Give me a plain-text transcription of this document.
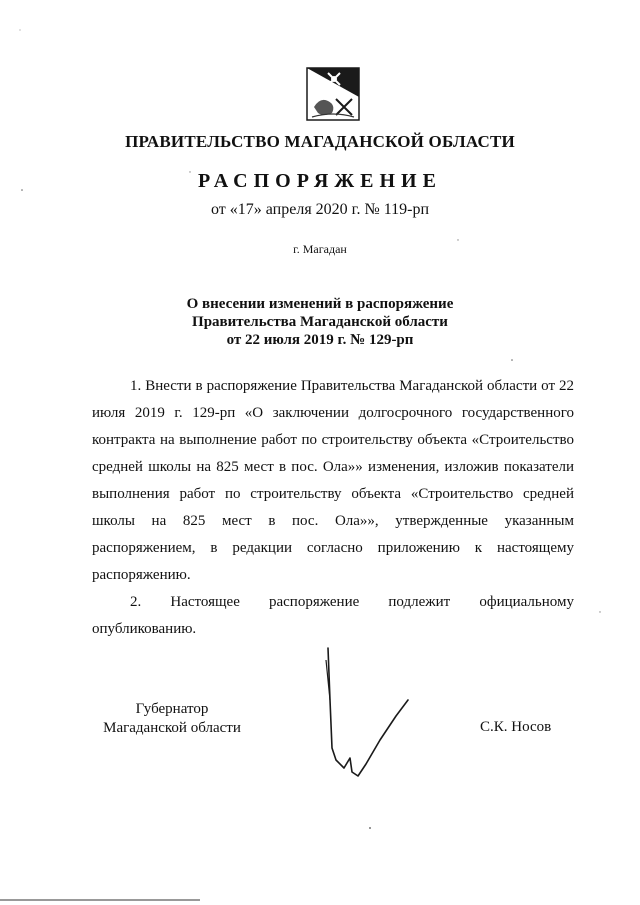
ПРАВИТЕЛЬСТВО МАГАДАНСКОЙ ОБЛАСТИ
РАСПОРЯЖЕНИЕ
от «17» апреля 2020 г. № 119-рп
г. Магадан
О внесении изменений в распоряжение
Правительства Магаданской области
от 22 июля 2019 г. № 129-рп

1. Внести в распоряжение Правительства Магаданской области от 22 июля 2019 г. 129-рп «О заключении долгосрочного государственного контракта на выполнение работ по строительству объекта «Строительство средней школы на 825 мест в пос. Ола»» изменения, изложив показатели выполнения работ по строительству объекта «Строительство средней школы на 825 мест в пос. Ола»», утвержденные указанным распоряжением, в редакции согласно приложению к настоящему распоряжению.

2. Настоящее распоряжение подлежит официальному опубликованию.

Губернатор
Магаданской области	С.К. Носов
